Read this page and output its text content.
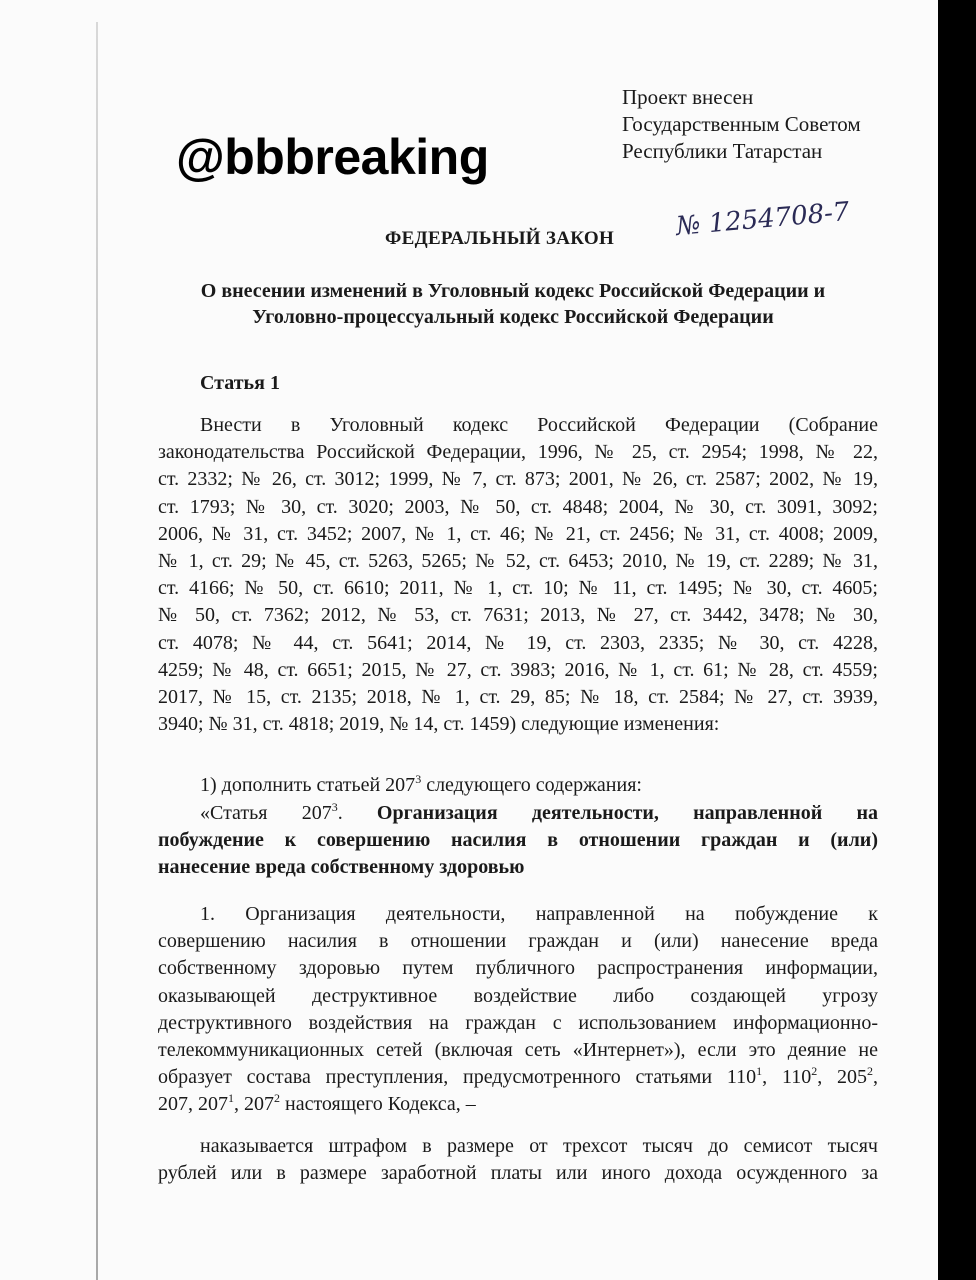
@bbbreaking
Проект внесен
Государственным Советом
Республики Татарстан
ФЕДЕРАЛЬНЫЙ ЗАКОН № 1254708-7
О внесении изменений в Уголовный кодекс Российской Федерации и
Уголовно-процессуальный кодекс Российской Федерации
Статья 1
Внести в Уголовный кодекс Российской Федерации (Собрание
законодательства Российской Федерации, 1996, № 25, ст. 2954; 1998, № 22,
ст. 2332; № 26, ст. 3012; 1999, № 7, ст. 873; 2001, № 26, ст. 2587; 2002, № 19,
ст. 1793; № 30, ст. 3020; 2003, № 50, ст. 4848; 2004, № 30, ст. 3091, 3092;
2006, № 31, ст. 3452; 2007, № 1, ст. 46; № 21, ст. 2456; № 31, ст. 4008; 2009,
№ 1, ст. 29; № 45, ст. 5263, 5265; № 52, ст. 6453; 2010, № 19, ст. 2289; № 31,
ст. 4166; № 50, ст. 6610; 2011, № 1, ст. 10; № 11, ст. 1495; № 30, ст. 4605;
№ 50, ст. 7362; 2012, № 53, ст. 7631; 2013, № 27, ст. 3442, 3478; № 30,
ст. 4078; № 44, ст. 5641; 2014, № 19, ст. 2303, 2335; № 30, ст. 4228,
4259; № 48, ст. 6651; 2015, № 27, ст. 3983; 2016, № 1, ст. 61; № 28, ст. 4559;
2017, № 15, ст. 2135; 2018, № 1, ст. 29, 85; № 18, ст. 2584; № 27, ст. 3939,
3940; № 31, ст. 4818; 2019, № 14, ст. 1459) следующие изменения:
1) дополнить статьей $207^3$ следующего содержания:
«Статья $207^3$. Организация деятельности, направленной на
побуждение к совершению насилия в отношении граждан и (или)
нанесение вреда собственному здоровью
1. Организация деятельности, направленной на побуждение к
совершению насилия в отношении граждан и (или) нанесение вреда
собственному здоровью путем публичного распространения информации,
оказывающей деструктивное воздействие либо создающей угрозу
деструктивного воздействия на граждан с использованием информационно-
телекоммуникационных сетей (включая сеть «Интернет»), если это деяние не
образует состава преступления, предусмотренного статьями $110^1$, $110^2$, $205^2$,
207, $207^1$, $207^2$ настоящего Кодекса, –
наказывается штрафом в размере от трехсот тысяч до семисот тысяч
рублей или в размере заработной платы или иного дохода осужденного за
